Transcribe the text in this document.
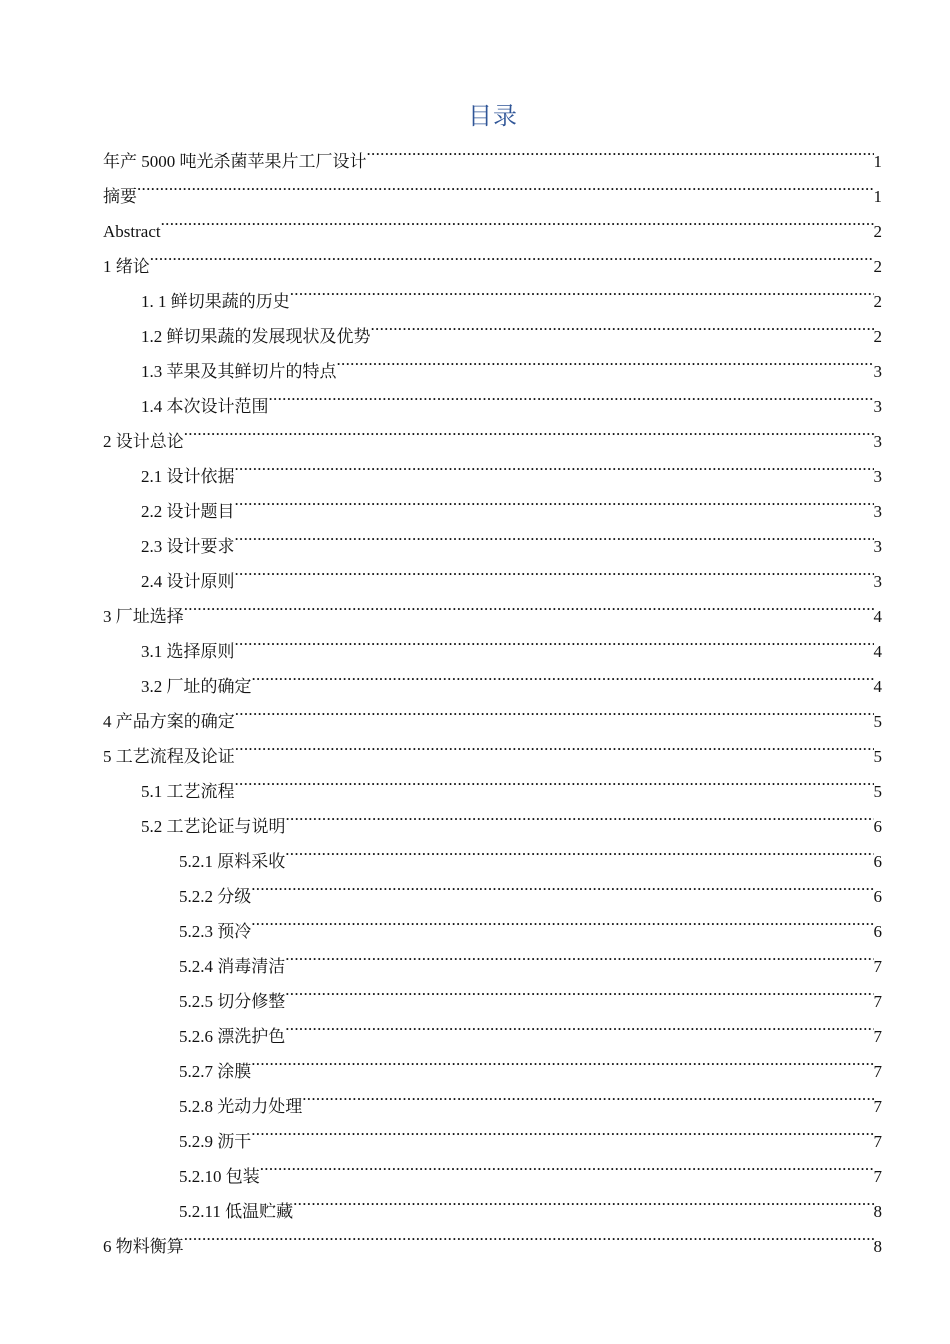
目录
年产 5000 吨光杀菌苹果片工厂设计 .....	1
摘要 .....	1
Abstract .....	2
1 绪论 .....	2
1. 1 鲜切果蔬的历史 .....	2
1.2 鲜切果蔬的发展现状及优势 .....	2
1.3 苹果及其鲜切片的特点 .....	3
1.4 本次设计范围 .....	3
2 设计总论 .....	3
2.1 设计依据 .....	3
2.2 设计题目 .....	3
2.3 设计要求 .....	3
2.4 设计原则 .....	3
3 厂址选择 .....	4
3.1 选择原则 .....	4
3.2 厂址的确定 .....	4
4 产品方案的确定 .....	5
5 工艺流程及论证 .....	5
5.1 工艺流程 .....	5
5.2 工艺论证与说明 .....	6
5.2.1 原料采收 .....	6
5.2.2 分级 .....	6
5.2.3 预冷 .....	6
5.2.4 消毒清洁 .....	7
5.2.5 切分修整 .....	7
5.2.6 漂洗护色 .....	7
5.2.7 涂膜 .....	7
5.2.8 光动力处理 .....	7
5.2.9 沥干 .....	7
5.2.10 包装 .....	7
5.2.11 低温贮藏 .....	8
6 物料衡算 .....	8
